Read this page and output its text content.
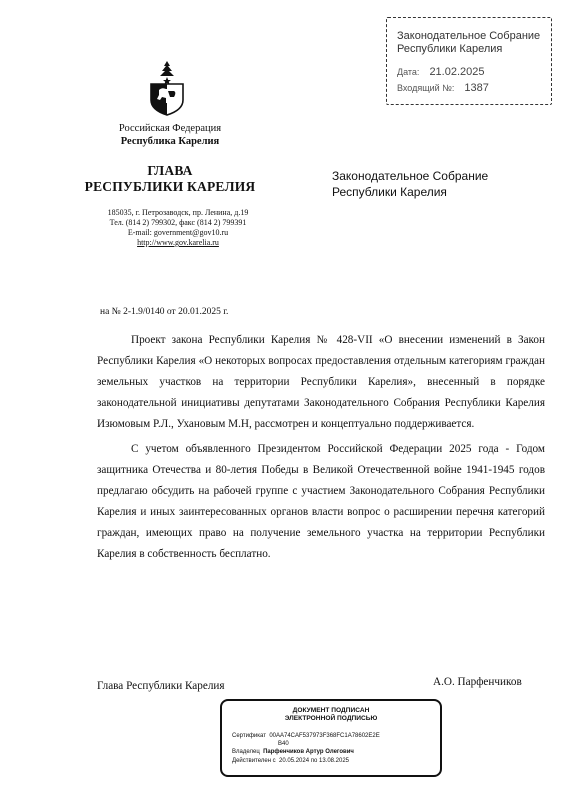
Законодательное Собрание
Республики Карелия
Дата: 21.02.2025
Входящий №: 1387
Российская Федерация
Республика Карелия
ГЛАВА
РЕСПУБЛИКИ КАРЕЛИЯ
185035, г. Петрозаводск, пр. Ленина, д.19
Тел. (814 2) 799302, факс (814 2) 799391
E-mail: government@gov10.ru
http://www.gov.karelia.ru
Законодательное Собрание
Республики Карелия
на № 2-1.9/0140 от 20.01.2025 г.

Проект закона Республики Карелия № 428-VII «О внесении изменений в Закон Республики Карелия «О некоторых вопросах предоставления отдельным категориям граждан земельных участков на территории Республики Карелия», внесенный в порядке законодательной инициативы депутатами Законодательного Собрания Республики Карелия Изюмовым Р.Л., Ухановым М.Н, рассмотрен и концептуально поддерживается.

С учетом объявленного Президентом Российской Федерации 2025 года - Годом защитника Отечества и 80-летия Победы в Великой Отечественной войне 1941-1945 годов предлагаю обсудить на рабочей группе с участием Законодательного Собрания Республики Карелия и иных заинтересованных органов власти вопрос о расширении перечня категорий граждан, имеющих право на получение земельного участка на территории Республики Карелия в собственность бесплатно.

Глава Республики Карелия	А.О. Парфенчиков
ДОКУМЕНТ ПОДПИСАН
ЭЛЕКТРОННОЙ ПОДПИСЬЮ
Сертификат 00AA74CAF537973F368FC1A78602E2E
B40
Владелец Парфенчиков Артур Олегович
Действителен с 20.05.2024 по 13.08.2025
